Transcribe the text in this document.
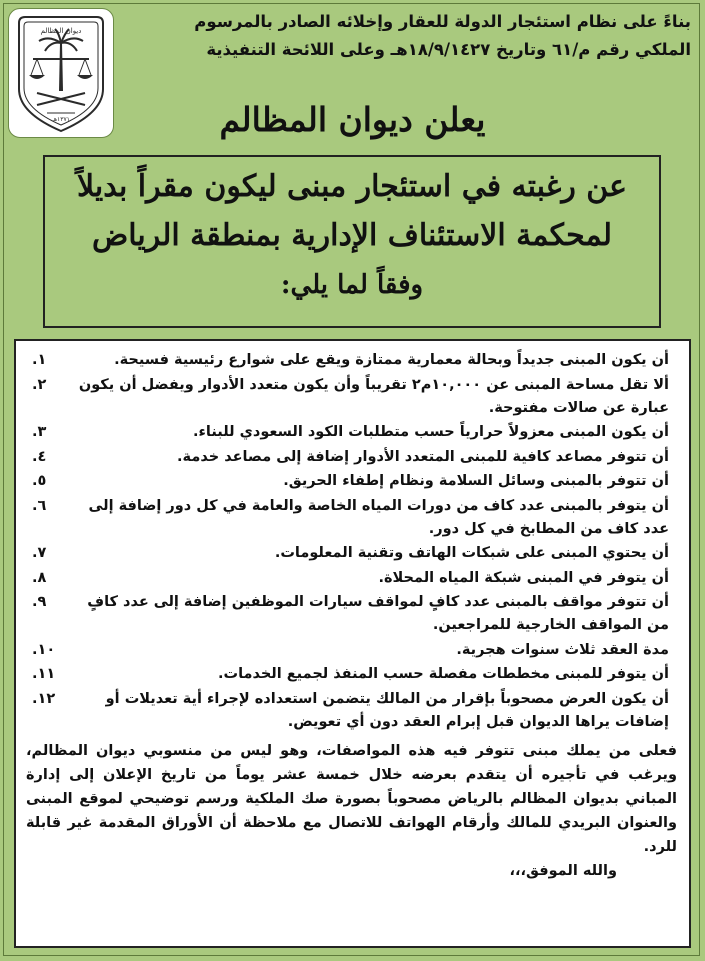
ديوان المظالم
١٣٧١هـ
بناءً على نظام استئجار الدولة للعقار وإخلائه الصادر بالمرسوم
الملكي رقم م/٦١ وتاريخ ١٨/٩/١٤٢٧هـ وعلى اللائحة التنفيذية
يعلن ديوان المظالم
عن رغبته في استئجار مبنى ليكون مقراً بديلاً
لمحكمة الاستئناف الإدارية بمنطقة الرياض
وفقاً لما يلي:
أن يكون المبنى جديداً وبحالة معمارية ممتازة ويقع على شوارع رئيسية فسيحة.
١.
ألا تقل مساحة المبنى عن ١٠,٠٠٠م٢ تقريباً وأن يكون متعدد الأدوار ويفضل أن يكون عبارة عن صالات مفتوحة.
٢.
أن يكون المبنى معزولاً حرارياً حسب متطلبات الكود السعودي للبناء.
٣.
أن تتوفر مصاعد كافية للمبنى المتعدد الأدوار إضافة إلى مصاعد خدمة.
٤.
أن تتوفر بالمبنى وسائل السلامة ونظام إطفاء الحريق.
٥.
أن يتوفر بالمبنى عدد كاف من دورات المياه الخاصة والعامة في كل دور إضافة إلى عدد كاف من المطابخ في كل دور.
٦.
أن يحتوي المبنى على شبكات الهاتف وتقنية المعلومات.
٧.
أن يتوفر في المبنى شبكة المياه المحلاة.
٨.
أن تتوفر مواقف بالمبنى عدد كافٍ لمواقف سيارات الموظفين إضافة إلى عدد كافٍ من المواقف الخارجية للمراجعين.
٩.
مدة العقد ثلاث سنوات هجرية.
١٠.
أن يتوفر للمبنى مخططات مفصلة حسب المنفذ لجميع الخدمات.
١١.
أن يكون العرض مصحوباً بإقرار من المالك يتضمن استعداده لإجراء أية تعديلات أو إضافات يراها الديوان قبل إبرام العقد دون أي تعويض.
١٢.

فعلى من يملك مبنى تتوفر فيه هذه المواصفات، وهو ليس من منسوبي ديوان المظالم، ويرغب في تأجيره أن يتقدم بعرضه خلال خمسة عشر يوماً من تاريخ الإعلان إلى إدارة المباني بديوان المظالم بالرياض مصحوباً بصورة صك الملكية ورسم توضيحي لموقع المبنى والعنوان البريدي للمالك وأرقام الهواتف للاتصال مع ملاحظة أن الأوراق المقدمة غير قابلة للرد.

والله الموفق،،،
